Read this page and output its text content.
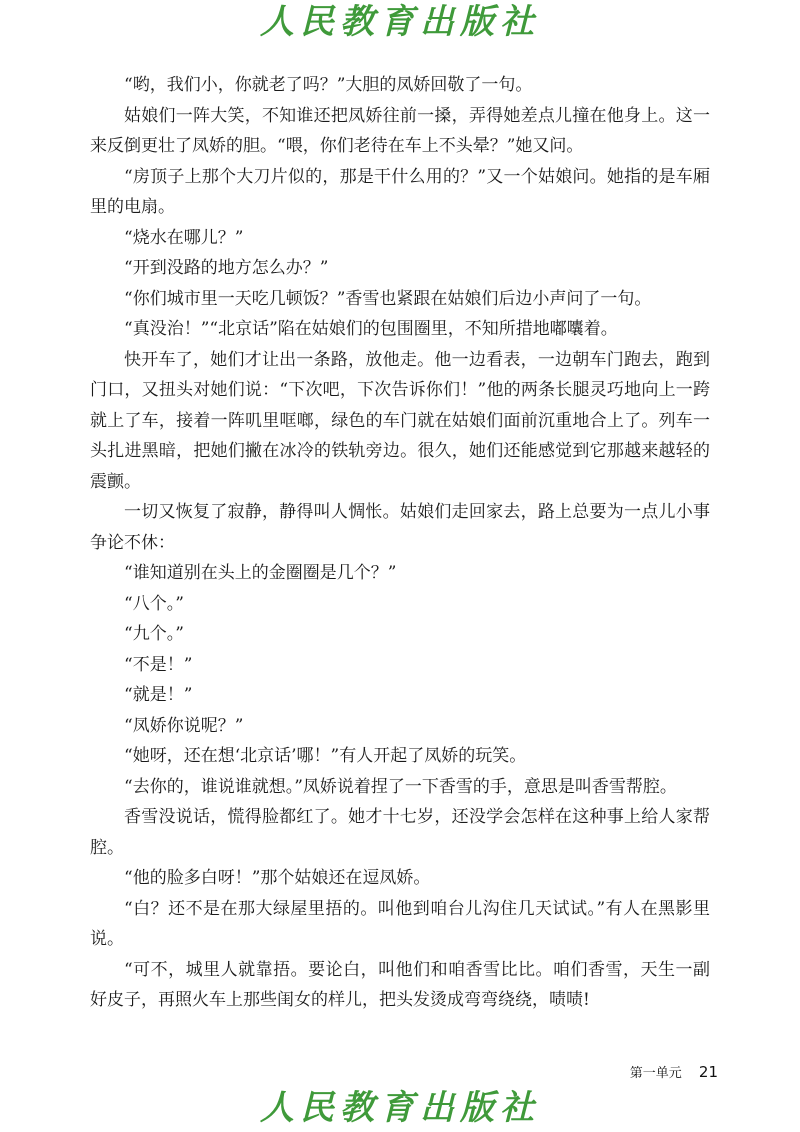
人民教育出版社

“哟，我们小，你就老了吗？”大胆的凤娇回敬了一句。

姑娘们一阵大笑，不知谁还把凤娇往前一搡，弄得她差点儿撞在他身上。这一来反倒更壮了凤娇的胆。“喂，你们老待在车上不头晕？”她又问。

“房顶子上那个大刀片似的，那是干什么用的？”又一个姑娘问。她指的是车厢里的电扇。

“烧水在哪儿？”

“开到没路的地方怎么办？”

“你们城市里一天吃几顿饭？”香雪也紧跟在姑娘们后边小声问了一句。

“真没治！”“北京话”陷在姑娘们的包围圈里，不知所措地嘟囔着。

快开车了，她们才让出一条路，放他走。他一边看表，一边朝车门跑去，跑到门口，又扭头对她们说：“下次吧，下次告诉你们！”他的两条长腿灵巧地向上一跨就上了车，接着一阵叽里哐啷，绿色的车门就在姑娘们面前沉重地合上了。列车一头扎进黑暗，把她们撇在冰冷的铁轨旁边。很久，她们还能感觉到它那越来越轻的震颤。

一切又恢复了寂静，静得叫人惆怅。姑娘们走回家去，路上总要为一点儿小事争论不休：

“谁知道别在头上的金圈圈是几个？”

“八个。”

“九个。”

“不是！”

“就是！”

“凤娇你说呢？”

“她呀，还在想‘北京话’哪！”有人开起了凤娇的玩笑。

“去你的，谁说谁就想。”凤娇说着捏了一下香雪的手，意思是叫香雪帮腔。

香雪没说话，慌得脸都红了。她才十七岁，还没学会怎样在这种事上给人家帮腔。

“他的脸多白呀！”那个姑娘还在逗凤娇。

“白？还不是在那大绿屋里捂的。叫他到咱台儿沟住几天试试。”有人在黑影里说。

“可不，城里人就靠捂。要论白，叫他们和咱香雪比比。咱们香雪，天生一副好皮子，再照火车上那些闺女的样儿，把头发烫成弯弯绕绕，啧啧!

第一单元 21
人民教育出版社
